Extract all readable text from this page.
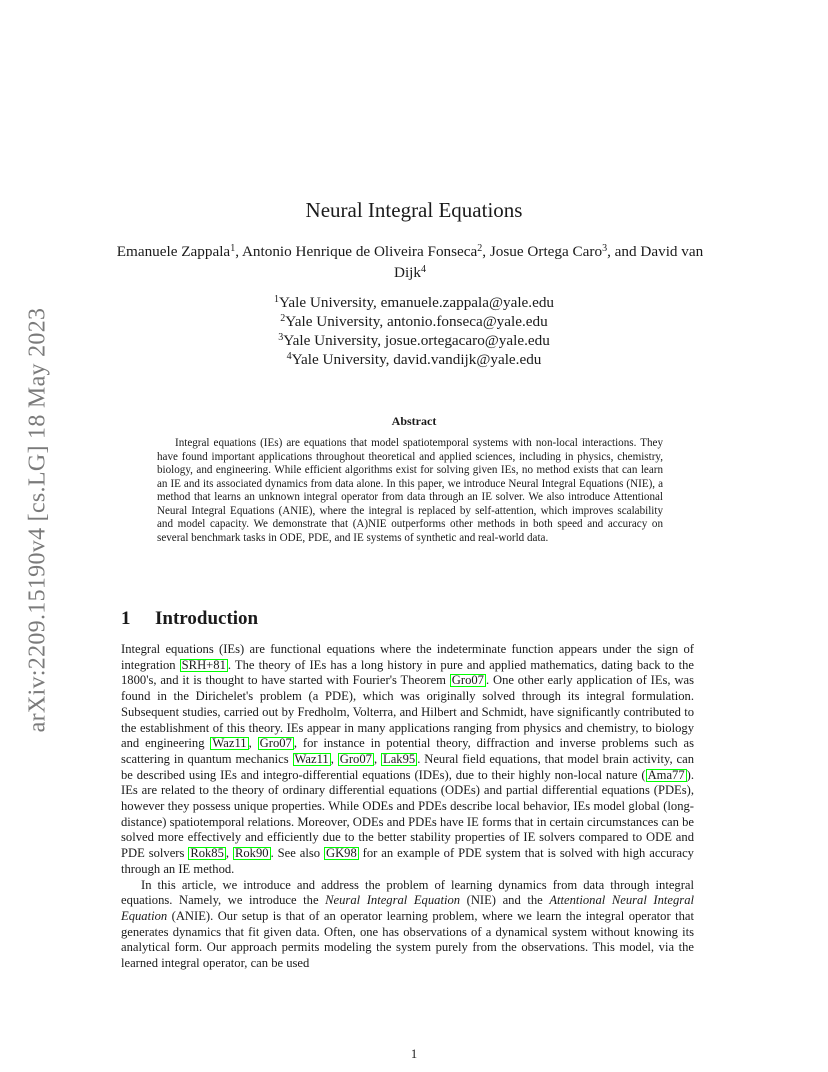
arXiv:2209.15190v4 [cs.LG] 18 May 2023
Neural Integral Equations
Emanuele Zappala$^1$, Antonio Henrique de Oliveira Fonseca$^2$, Josue Ortega Caro$^3$, and David van Dijk$^4$
$^1$Yale University, emanuele.zappala@yale.edu
$^2$Yale University, antonio.fonseca@yale.edu
$^3$Yale University, josue.ortegacaro@yale.edu
$^4$Yale University, david.vandijk@yale.edu
Abstract
Integral equations (IEs) are equations that model spatiotemporal systems with non-local interactions. They have found important applications throughout theoretical and applied sciences, including in physics, chemistry, biology, and engineering. While efficient algorithms exist for solving given IEs, no method exists that can learn an IE and its associated dynamics from data alone. In this paper, we introduce Neural Integral Equations (NIE), a method that learns an unknown integral operator from data through an IE solver. We also introduce Attentional Neural Integral Equations (ANIE), where the integral is replaced by self-attention, which improves scalability and model capacity. We demonstrate that (A)NIE outperforms other methods in both speed and accuracy on several benchmark tasks in ODE, PDE, and IE systems of synthetic and real-world data.
1 Introduction

Integral equations (IEs) are functional equations where the indeterminate function appears under the sign of integration SRH+81 . The theory of IEs has a long history in pure and applied mathematics, dating back to the 1800's, and it is thought to have started with Fourier's Theorem Gro07 . One other early application of IEs, was found in the Dirichelet's problem (a PDE), which was originally solved through its integral formulation. Subsequent studies, carried out by Fredholm, Volterra, and Hilbert and Schmidt, have significantly contributed to the establishment of this theory. IEs appear in many applications ranging from physics and chemistry, to biology and engineering Waz11 , Gro07 , for instance in potential theory, diffraction and inverse problems such as scattering in quantum mechanics Waz11 , Gro07 , Lak95 . Neural field equations, that model brain activity, can be described using IEs and integro-differential equations (IDEs), due to their highly non-local nature ( Ama77 ). IEs are related to the theory of ordinary differential equations (ODEs) and partial differential equations (PDEs), however they possess unique properties. While ODEs and PDEs describe local behavior, IEs model global (long-distance) spatiotemporal relations. Moreover, ODEs and PDEs have IE forms that in certain circumstances can be solved more effectively and efficiently due to the better stability properties of IE solvers compared to ODE and PDE solvers Rok85 , Rok90 . See also GK98 for an example of PDE system that is solved with high accuracy through an IE method.

In this article, we introduce and address the problem of learning dynamics from data through integral equations. Namely, we introduce the Neural Integral Equation (NIE) and the Attentional Neural Integral Equation (ANIE). Our setup is that of an operator learning problem, where we learn the integral operator that generates dynamics that fit given data. Often, one has observations of a dynamical system without knowing its analytical form. Our approach permits modeling the system purely from the observations. This model, via the learned integral operator, can be used

1
